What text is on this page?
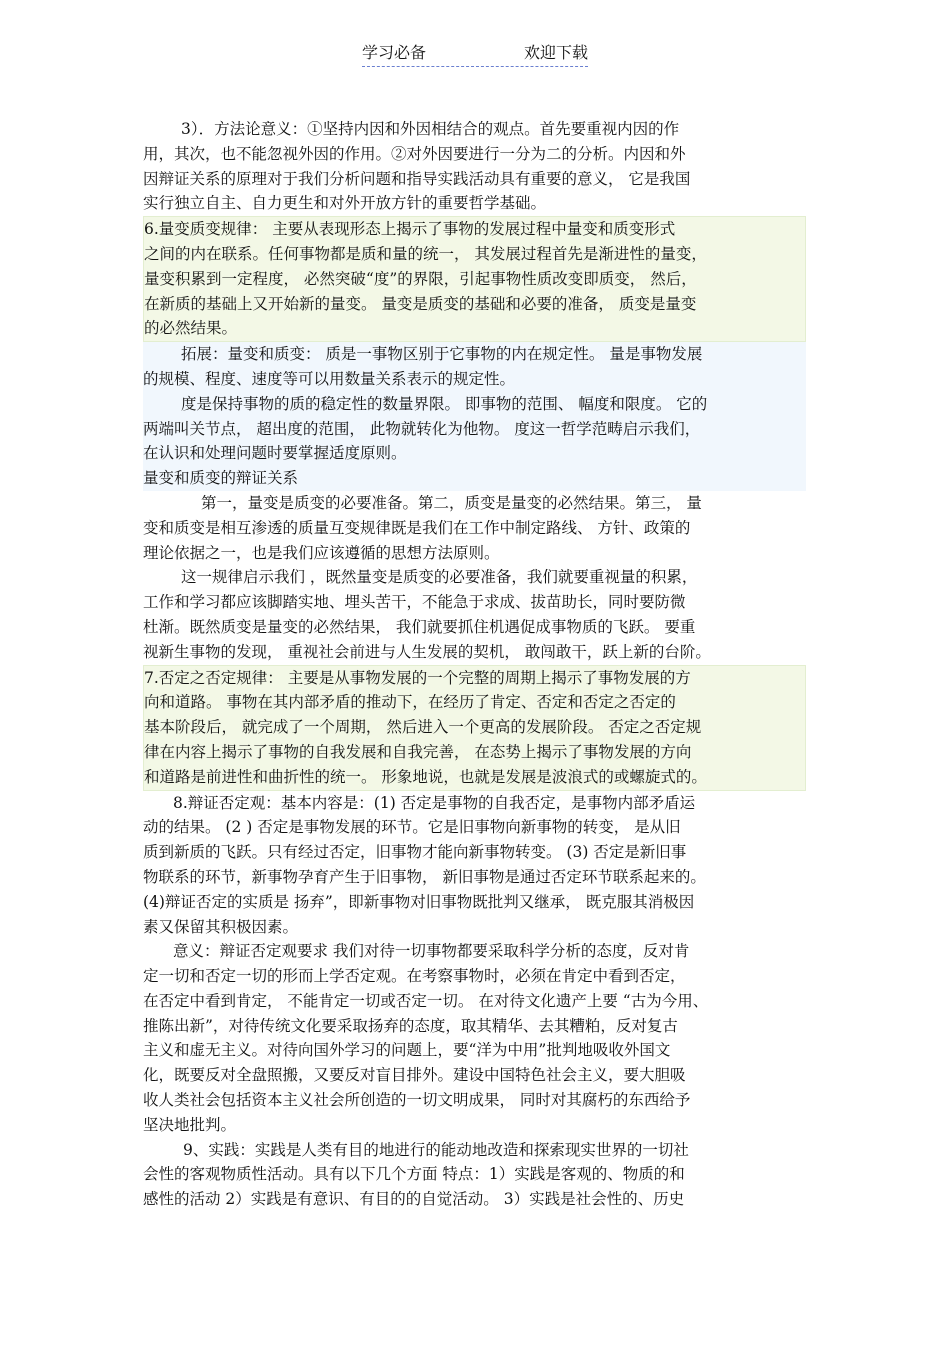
学习必备	欢迎下载
3）．方法论意义：①坚持内因和外因相结合的观点。首先要重视内因的作
用，其次，也不能忽视外因的作用。②对外因要进行一分为二的分析。内因和外
因辩证关系的原理对于我们分析问题和指导实践活动具有重要的意义， 它是我国
实行独立自主、自力更生和对外开放方针的重要哲学基础。
6.量变质变规律： 主要从表现形态上揭示了事物的发展过程中量变和质变形式
之间的内在联系。任何事物都是质和量的统一， 其发展过程首先是渐进性的量变，
量变积累到一定程度， 必然突破“度”的界限，引起事物性质改变即质变， 然后，
在新质的基础上又开始新的量变。 量变是质变的基础和必要的准备， 质变是量变
的必然结果。
拓展：量变和质变： 质是一事物区别于它事物的内在规定性。 量是事物发展
的规模、程度、速度等可以用数量关系表示的规定性。
度是保持事物的质的稳定性的数量界限。 即事物的范围、 幅度和限度。 它的
两端叫关节点， 超出度的范围， 此物就转化为他物。 度这一哲学范畴启示我们，
在认识和处理问题时要掌握适度原则。
量变和质变的辩证关系
第一，量变是质变的必要准备。第二，质变是量变的必然结果。第三， 量
变和质变是相互渗透的质量互变规律既是我们在工作中制定路线、 方针、政策的
理论依据之一，也是我们应该遵循的思想方法原则。
这一规律启示我们 ，既然量变是质变的必要准备，我们就要重视量的积累，
工作和学习都应该脚踏实地、埋头苦干，不能急于求成、拔苗助长，同时要防微
杜渐。既然质变是量变的必然结果， 我们就要抓住机遇促成事物质的飞跃。 要重
视新生事物的发现， 重视社会前进与人生发展的契机， 敢闯敢干，跃上新的台阶。
7.否定之否定规律： 主要是从事物发展的一个完整的周期上揭示了事物发展的方
向和道路。 事物在其内部矛盾的推动下，在经历了肯定、否定和否定之否定的
基本阶段后， 就完成了一个周期， 然后进入一个更高的发展阶段。 否定之否定规
律在内容上揭示了事物的自我发展和自我完善， 在态势上揭示了事物发展的方向
和道路是前进性和曲折性的统一。 形象地说，也就是发展是波浪式的或螺旋式的。
8.辩证否定观：基本内容是：(1) 否定是事物的自我否定，是事物内部矛盾运
动的结果。 (2 ) 否定是事物发展的环节。它是旧事物向新事物的转变， 是从旧
质到新质的飞跃。只有经过否定，旧事物才能向新事物转变。 (3) 否定是新旧事
物联系的环节，新事物孕育产生于旧事物， 新旧事物是通过否定环节联系起来的。
(4)辩证否定的实质是 扬弃”，即新事物对旧事物既批判又继承， 既克服其消极因
素又保留其积极因素。
意义：辩证否定观要求 我们对待一切事物都要采取科学分析的态度，反对肯
定一切和否定一切的形而上学否定观。在考察事物时，必须在肯定中看到否定，
在否定中看到肯定， 不能肯定一切或否定一切。 在对待文化遗产上要 “古为今用、
推陈出新”，对待传统文化要采取扬弃的态度，取其精华、去其糟粕，反对复古
主义和虚无主义。对待向国外学习的问题上，要“洋为中用”批判地吸收外国文
化，既要反对全盘照搬，又要反对盲目排外。建设中国特色社会主义，要大胆吸
收人类社会包括资本主义社会所创造的一切文明成果， 同时对其腐朽的东西给予
坚决地批判。
9、实践：实践是人类有目的地进行的能动地改造和探索现实世界的一切社
会性的客观物质性活动。具有以下几个方面 特点：1）实践是客观的、物质的和
感性的活动 2）实践是有意识、有目的的自觉活动。 3）实践是社会性的、历史
